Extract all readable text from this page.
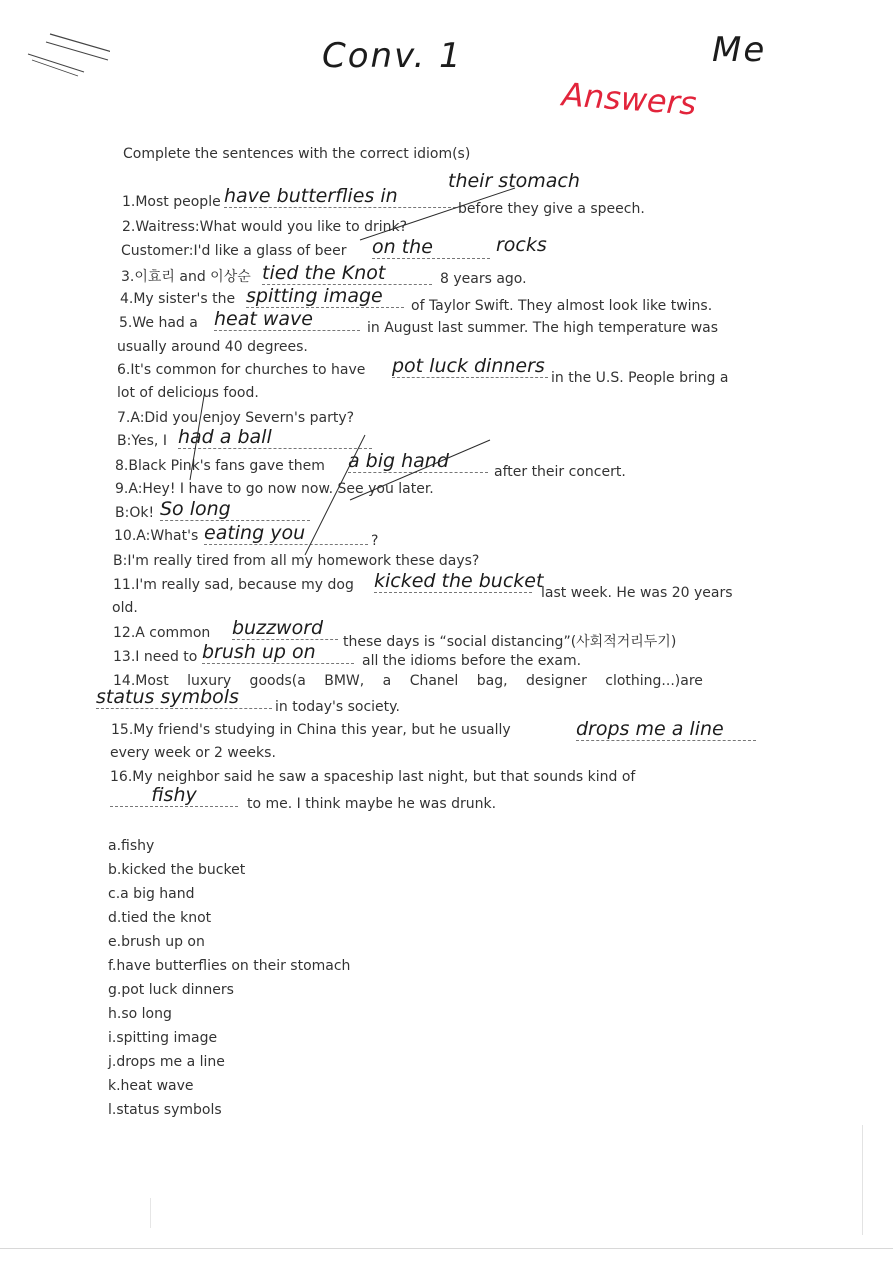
Conv. 1	Me
Answers
Complete the sentences with the correct idiom(s)
1.Most people have butterflies in
their stomach
before they give a speech.
2.Waitress:What would you like to drink?
Customer:I'd like a glass of beer on the	rocks
3.이효리 and 이상순 tied the Knot	8 years ago.
4.My sister's the spitting image	of Taylor Swift. They almost look like twins.
5.We had a heat wave	in August last summer. The high temperature was
usually around 40 degrees.
6.It's common for churches to have pot luck dinners
in the U.S. People bring a
lot of delicious food.
7.A:Did you enjoy Severn's party?
B:Yes, I had a ball
8.Black Pink's fans gave them a big hand	after their concert.
9.A:Hey! I have to go now now. See you later.
B:Ok! So long
10.A:What's eating you	?
B:I'm really tired from all my homework these days?
11.I'm really sad, because my dog kicked the bucket
last week. He was 20 years
old.
12.A common buzzword
these days is “social distancing”(사회적거리두기)
13.I need to brush up on	all the idioms before the exam.
14.Most luxury goods(a BMW, a Chanel bag, designer clothing...)are
status symbols	in today's society.
15.My friend's studying in China this year, but he usually	drops me a line
every week or 2 weeks.
16.My neighbor said he saw a spaceship last night, but that sounds kind of
fishy	to me. I think maybe he was drunk.
a.fishy
b.kicked the bucket
c.a big hand
d.tied the knot
e.brush up on
f.have butterflies on their stomach
g.pot luck dinners
h.so long
i.spitting image
j.drops me a line
k.heat wave
l.status symbols
